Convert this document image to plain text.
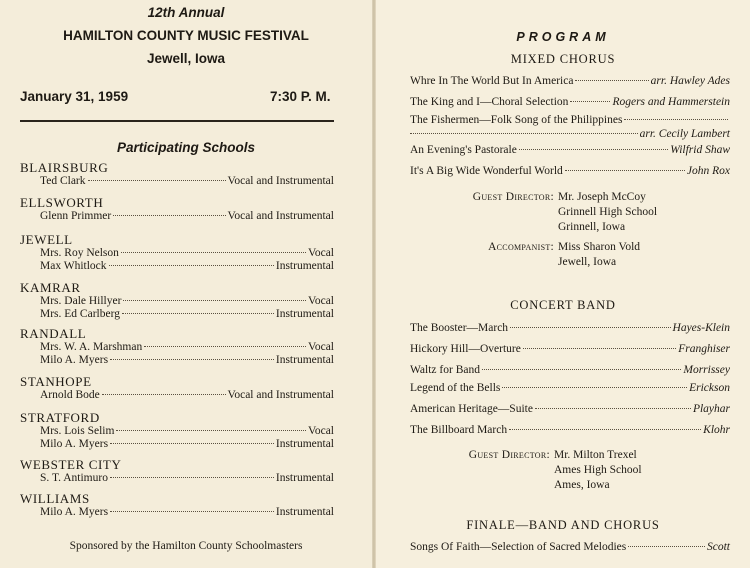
12th Annual
HAMILTON COUNTY MUSIC FESTIVAL
Jewell, Iowa
January 31, 1959	7:30 P. M.
Participating Schools
BLAIRSBURG
Ted Clark	Vocal and Instrumental
ELLSWORTH
Glenn Primmer	Vocal and Instrumental
JEWELL
Mrs. Roy Nelson	Vocal
Max Whitlock	Instrumental
KAMRAR
Mrs. Dale Hillyer	Vocal
Mrs. Ed Carlberg	Instrumental
RANDALL
Mrs. W. A. Marshman	Vocal
Milo A. Myers	Instrumental
STANHOPE
Arnold Bode	Vocal and Instrumental
STRATFORD
Mrs. Lois Selim	Vocal
Milo A. Myers	Instrumental
WEBSTER CITY
S. T. Antimuro	Instrumental
WILLIAMS
Milo A. Myers	Instrumental
Sponsored by the Hamilton County Schoolmasters
PROGRAM
MIXED CHORUS
Whre In The World But In America	arr. Hawley Ades
The King and I—Choral Selection	Rogers and Hammerstein
The Fishermen—Folk Song of the Philippines
arr. Cecily Lambert
An Evening's Pastorale	Wilfrid Shaw
It's A Big Wide Wonderful World	John Rox
Guest Director: Mr. Joseph McCoy
Grinnell High School
Grinnell, Iowa
Accompanist: Miss Sharon Vold
Jewell, Iowa
CONCERT BAND
The Booster—March	Hayes-Klein
Hickory Hill—Overture	Franghiser
Waltz for Band	Morrissey
Legend of the Bells	Erickson
American Heritage—Suite	Playhar
The Billboard March	Klohr
Guest Director: Mr. Milton Trexel
Ames High School
Ames, Iowa
FINALE—BAND AND CHORUS
Songs Of Faith—Selection of Sacred Melodies	Scott
